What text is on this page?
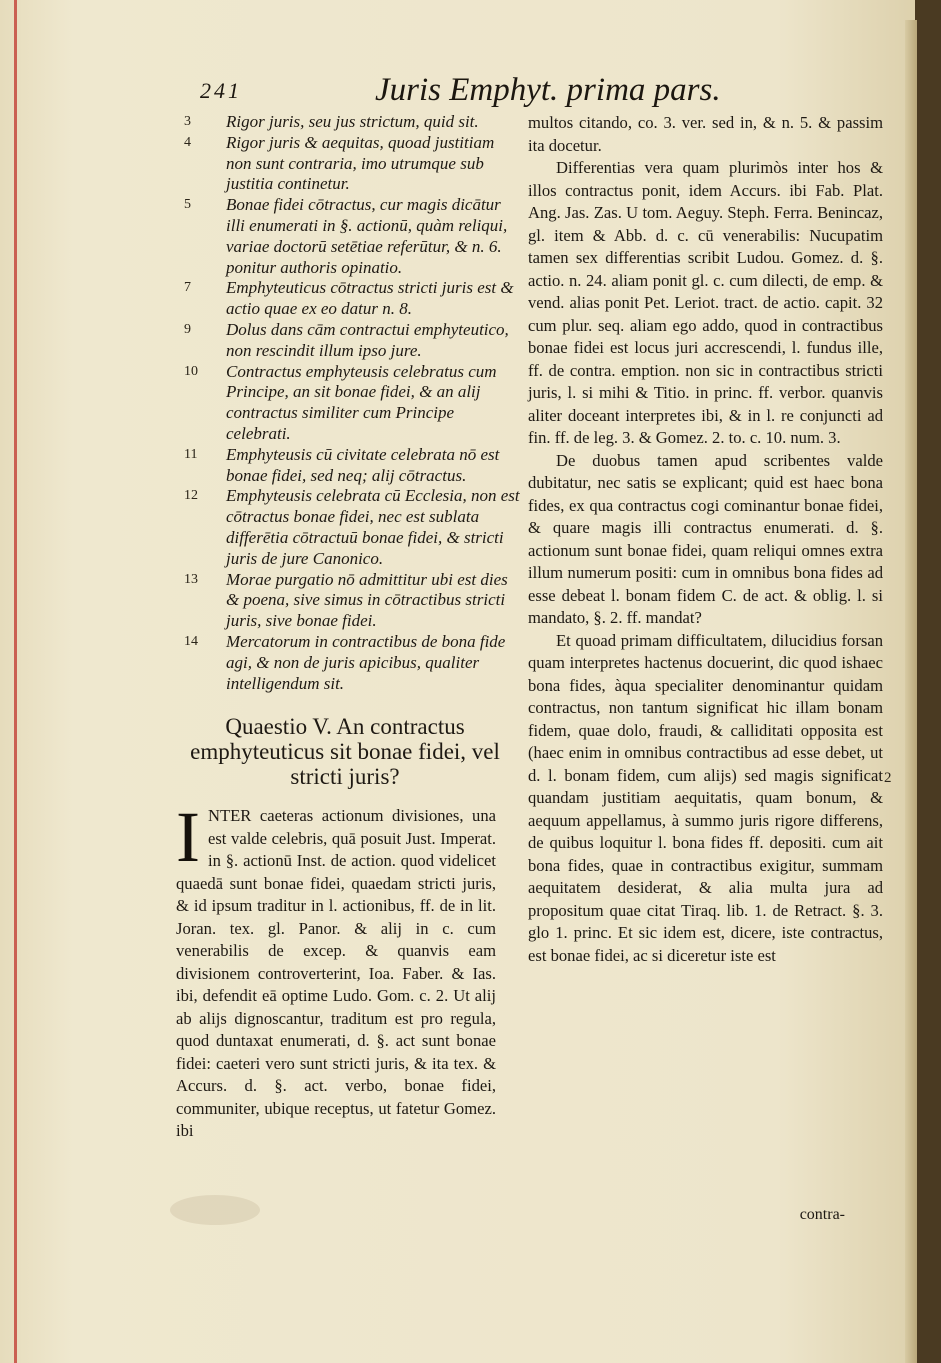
241	Juris Emphyt. prima pars.
3 Rigor juris, seu jus strictum, quid sit.
4 Rigor juris & aequitas, quoad justitiam non sunt contraria, imo utrumque sub justitia continetur.
5 Bonae fidei cōtractus, cur magis dicātur illi enumerati in §. actionū, quàm reliqui, variae doctorū setētiae referūtur, & n. 6. ponitur authoris opinatio.
7 Emphyteuticus cōtractus stricti juris est & actio quae ex eo datur n. 8.
9 Dolus dans cām contractui emphyteutico, non rescindit illum ipso jure.
10 Contractus emphyteusis celebratus cum Principe, an sit bonae fidei, & an alij contractus similiter cum Principe celebrati.
11 Emphyteusis cū civitate celebrata nō est bonae fidei, sed neq; alij cōtractus.
12 Emphyteusis celebrata cū Ecclesia, non est cōtractus bonae fidei, nec est sublata differētia cōtractuū bonae fidei, & stricti juris de jure Canonico.
13 Morae purgatio nō admittitur ubi est dies & poena, sive simus in cōtractibus stricti juris, sive bonae fidei.
14 Mercatorum in contractibus de bona fide agi, & non de juris apicibus, qualiter intelligendum sit.
Quaestio V. An contractus emphyteuticus sit bonae fidei, vel stricti juris?
INTER caeteras actionum divisiones, una est valde celebris, quā posuit Just. Imperat. in §. actionū Inst. de action. quod videlicet quaedā sunt bonae fidei, quaedam stricti juris, & id ipsum traditur in l. actionibus, ff. de in lit. Joran. tex. gl. Panor. & alij in c. cum venerabilis de excep. & quanvis eam divisionem controverterint, Ioa. Faber. & Ias. ibi, defendit eā optime Ludo. Gom. c. 2. Ut alij ab alijs dignoscantur, traditum est pro regula, quod duntaxat enumerati, d. §. act sunt bonae fidei: caeteri vero sunt stricti juris, & ita tex. & Accurs. d. §. act. verbo, bonae fidei, communiter, ubique receptus, ut fatetur Gomez. ibi

multos citando, co. 3. ver. sed in, & n. 5. & passim ita docetur.

Differentias vera quam plurimòs inter hos & illos contractus ponit, idem Accurs. ibi Fab. Plat. Ang. Jas. Zas. U tom. Aeguy. Steph. Ferra. Benincaz, gl. item & Abb. d. c. cū venerabilis: Nucupatim tamen sex differentias scribit Ludou. Gomez. d. §. actio. n. 24. aliam ponit gl. c. cum dilecti, de emp. & vend. alias ponit Pet. Leriot. tract. de actio. capit. 32 cum plur. seq. aliam ego addo, quod in contractibus bonae fidei est locus juri accrescendi, l. fundus ille, ff. de contra. emption. non sic in contractibus stricti juris, l. si mihi & Titio. in princ. ff. verbor. quanvis aliter doceant interpretes ibi, & in l. re conjuncti ad fin. ff. de leg. 3. & Gomez. 2. to. c. 10. num. 3.

De duobus tamen apud scribentes valde dubitatur, nec satis se explicant; quid est haec bona fides, ex qua contractus cogi cominantur bonae fidei, & quare magis illi contractus enumerati. d. §. actionum sunt bonae fidei, quam reliqui omnes extra illum numerum positi: cum in omnibus bona fides ad esse debeat l. bonam fidem C. de act. & oblig. l. si mandato, §. 2. ff. mandat?

Et quoad primam difficultatem, dilucidius forsan quam interpretes hactenus docuerint, dic quod ishaec bona fides, àqua specialiter denominantur quidam contractus, non tantum significat hic illam bonam fidem, quae dolo, fraudi, & calliditati opposita est (haec enim in omnibus contractibus ad esse debet, ut d. l. bonam fidem, cum alijs) sed magis significat quandam justitiam aequitatis, quam bonum, & aequum appellamus, à summo juris rigore differens, de quibus loquitur l. bona fides ff. depositi. cum ait bona fides, quae in contractibus exigitur, summam aequitatem desiderat, & alia multa jura ad propositum quae citat Tiraq. lib. 1. de Retract. §. 3. glo 1. princ. Et sic idem est, dicere, iste contractus, est bonae fidei, ac si diceretur iste est

2
contra-
